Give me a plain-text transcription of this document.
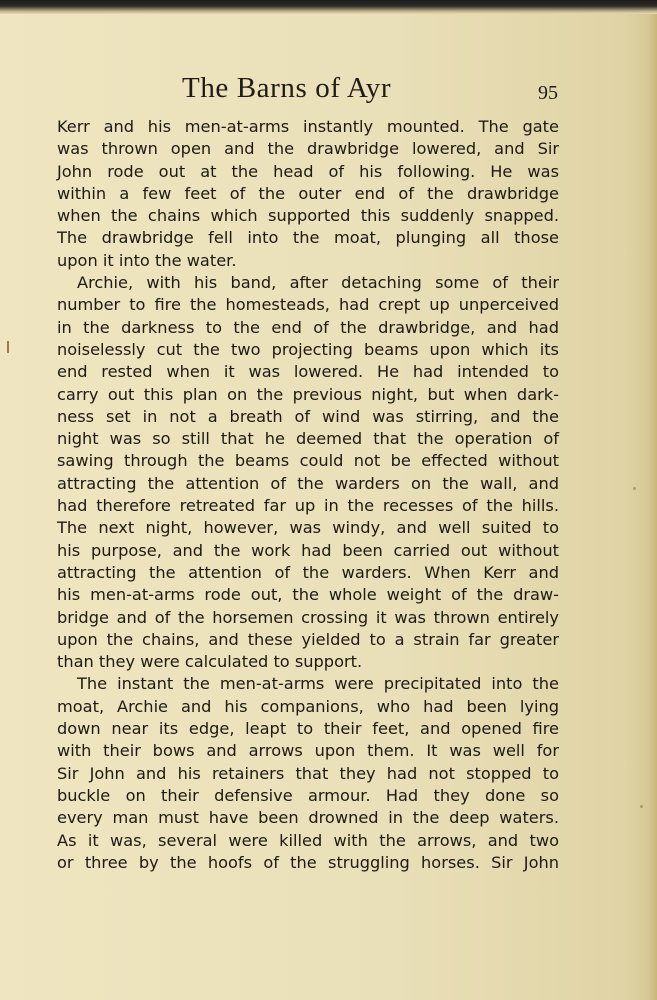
The Barns of Ayr	95
Kerr and his men-at-arms instantly mounted. The gate
was thrown open and the drawbridge lowered, and Sir
John rode out at the head of his following. He was
within a few feet of the outer end of the drawbridge
when the chains which supported this suddenly snapped.
The drawbridge fell into the moat, plunging all those
upon it into the water.
Archie, with his band, after detaching some of their
number to fire the homesteads, had crept up unperceived
in the darkness to the end of the drawbridge, and had
noiselessly cut the two projecting beams upon which its
end rested when it was lowered. He had intended to
carry out this plan on the previous night, but when dark-
ness set in not a breath of wind was stirring, and the
night was so still that he deemed that the operation of
sawing through the beams could not be effected without
attracting the attention of the warders on the wall, and
had therefore retreated far up in the recesses of the hills.
The next night, however, was windy, and well suited to
his purpose, and the work had been carried out without
attracting the attention of the warders. When Kerr and
his men-at-arms rode out, the whole weight of the draw-
bridge and of the horsemen crossing it was thrown entirely
upon the chains, and these yielded to a strain far greater
than they were calculated to support.
The instant the men-at-arms were precipitated into the
moat, Archie and his companions, who had been lying
down near its edge, leapt to their feet, and opened fire
with their bows and arrows upon them. It was well for
Sir John and his retainers that they had not stopped to
buckle on their defensive armour. Had they done so
every man must have been drowned in the deep waters.
As it was, several were killed with the arrows, and two
or three by the hoofs of the struggling horses. Sir John
